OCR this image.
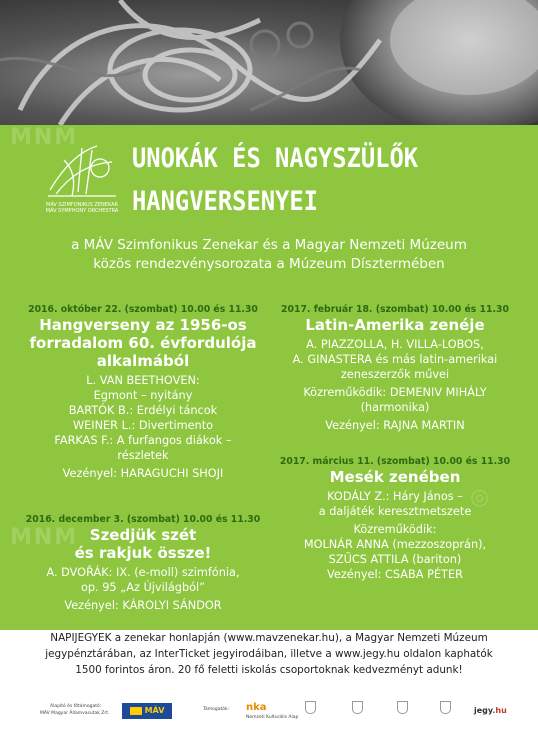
MNM
◎
MNM
MÁV SZIMFONIKUS ZENEKAR
MÁV SYMPHONY ORCHESTRA
UNOKÁK ÉS NAGYSZÜLŐK
HANGVERSENYEI
a MÁV Szimfonikus Zenekar és a Magyar Nemzeti Múzeum
közös rendezvénysorozata a Múzeum Dísztermében
2016. október 22. (szombat) 10.00 és 11.30
Hangverseny az 1956-os
forradalom 60. évfordulója
alkalmából
L. VAN BEETHOVEN:
Egmont – nyitány
BARTÓK B.: Erdélyi táncok
WEINER L.: Divertimento
FARKAS F.: A furfangos diákok –
részletek
Vezényel: HARAGUCHI SHOJI
2016. december 3. (szombat) 10.00 és 11.30
Szedjük szét
és rakjuk össze!
A. DVOŘÁK: IX. (e-moll) szimfónia,
op. 95 „Az Újvilágból”
Vezényel: KÁROLYI SÁNDOR
2017. február 18. (szombat) 10.00 és 11.30
Latin-Amerika zenéje
A. PIAZZOLLA, H. VILLA-LOBOS,
A. GINASTERA és más latin-amerikai
zeneszerzők művei
Közreműködik: DEMENIV MIHÁLY
(harmonika)
Vezényel: RAJNA MARTIN
2017. március 11. (szombat) 10.00 és 11.30
Mesék zenében
KODÁLY Z.: Háry János –
a daljáték keresztmetszete
Közreműködik:
MOLNÁR ANNA (mezzoszoprán),
SZŰCS ATTILA (bariton)
Vezényel: CSABA PÉTER
NAPIJEGYEK a zenekar honlapján (www.mavzenekar.hu), a Magyar Nemzeti Múzeum
jegypénztárában, az InterTicket jegyirodáiban, illetve a www.jegy.hu oldalon kaphatók
1500 forintos áron. 20 fő feletti iskolás csoportoknak kedvezményt adunk!
Alapító és főtámogató:
MÁV Magyar Államvasutak Zrt.	MÁV	Támogatók: nka
Nemzeti Kulturális Alap
jegy.hu
